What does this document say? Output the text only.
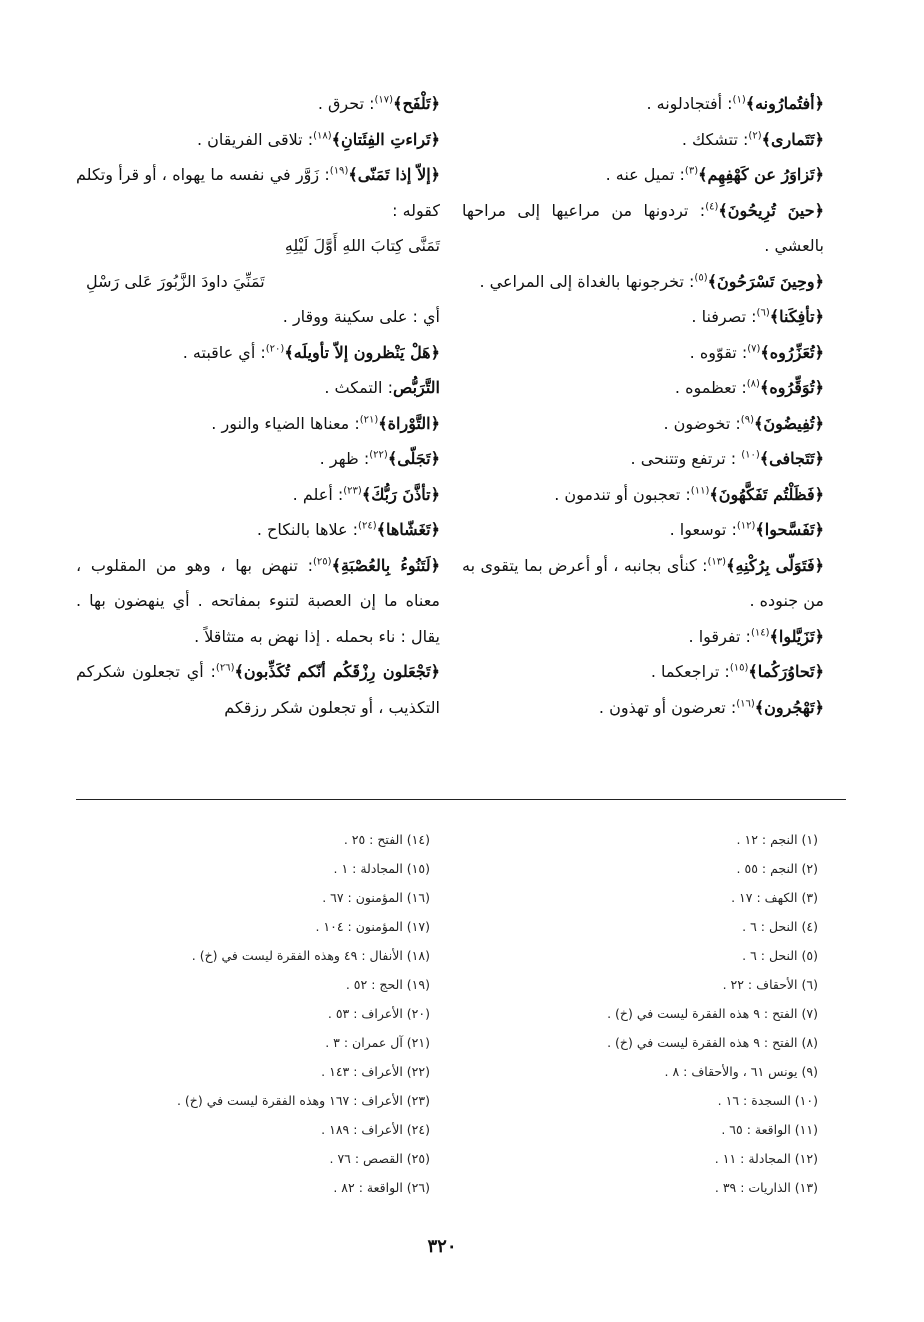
﴿أفتُمارُونه﴾$^{(١)}$: أفتجادلونه .

﴿تَتَمارى﴾$^{(٢)}$: تتشكك .

﴿تَزاوَرُ عن كَهْفِهِم﴾$^{(٣)}$: تميل عنه .

﴿حينَ تُرِيحُونَ﴾$^{(٤)}$: تردونها من مراعيها إلى مراحها بالعشي .

﴿وحِينَ تَسْرَحُونَ﴾$^{(٥)}$: تخرجونها بالغداة إلى المراعي .

﴿تأفِكَنا﴾$^{(٦)}$: تصرفنا .

﴿تُعَزِّرُوه﴾$^{(٧)}$: تقوّوه .

﴿تُوَقِّرُوه﴾$^{(٨)}$: تعظموه .

﴿تُفِيضُونَ﴾$^{(٩)}$: تخوضون .

﴿تَتَجافى﴾$^{(١٠)}$ : ترتفع وتتنحى .

﴿فَظَلْتُم تَفَكَّهُونَ﴾$^{(١١)}$: تعجبون أو تندمون .

﴿تَفَسَّحوا﴾$^{(١٢)}$: توسعوا .

﴿فَتَوَلّى بِرُكْنِهِ﴾$^{(١٣)}$: كنأى بجانبه ، أو أعرض بما يتقوى به من جنوده .

﴿تَزَيَّلوا﴾$^{(١٤)}$: تفرقوا .

﴿تَحاوُرَكُما﴾$^{(١٥)}$: تراجعكما .

﴿تَهْجُرون﴾$^{(١٦)}$: تعرضون أو تهذون .

﴿تَلْفَح﴾$^{(١٧)}$: تحرق .

﴿تَراءتِ الفِئَتانِ﴾$^{(١٨)}$: تلاقى الفريقان .

﴿إلاّ إذا تَمَنّى﴾$^{(١٩)}$: زَوَّر في نفسه ما يهواه ، أو قرأ وتكلم كقوله :

تَمَنَّى كِتابَ اللهِ أَوَّلَ لَيْلِهِ

تَمَنِّيَ داودَ الزَّبُورَ عَلى رَسْلِ

أي : على سكينة ووقار .

﴿هَلْ يَنْظرون إلاّ تأويلَه﴾$^{(٢٠)}$: أي عاقبته .

التَّرَبُّص: التمكث .

﴿التَّوْراة﴾$^{(٢١)}$: معناها الضياء والنور .

﴿تَجَلّى﴾$^{(٢٢)}$: ظهر .

﴿تأذَّنَ رَبُّكَ﴾$^{(٢٣)}$: أعلم .

﴿تَغَشّاها﴾$^{(٢٤)}$: علاها بالنكاح .

﴿لَتَنُوءُ بِالعُصْبَةِ﴾$^{(٢٥)}$: تنهض بها ، وهو من المقلوب ، معناه ما إن العصبة لتنوء بمفاتحه . أي ينهضون بها . يقال : ناء بحمله . إذا نهض به متثاقلاً .

﴿تَجْعَلون رِزْقَكُم أنّكم تُكَذِّبون﴾$^{(٢٦)}$: أي تجعلون شكركم التكذيب ، أو تجعلون شكر رزقكم

(١) النجم : ١٢ .

(٢) النجم : ٥٥ .

(٣) الكهف : ١٧ .

(٤) النحل : ٦ .

(٥) النحل : ٦ .

(٦) الأحقاف : ٢٢ .

(٧) الفتح : ٩ هذه الفقرة ليست في (خ) .

(٨) الفتح : ٩ هذه الفقرة ليست في (خ) .

(٩) يونس ٦١ ، والأحقاف : ٨ .

(١٠) السجدة : ١٦ .

(١١) الواقعة : ٦٥ .

(١٢) المجادلة : ١١ .

(١٣) الذاريات : ٣٩ .

(١٤) الفتح : ٢٥ .

(١٥) المجادلة : ١ .

(١٦) المؤمنون : ٦٧ .

(١٧) المؤمنون : ١٠٤ .

(١٨) الأنفال : ٤٩ وهذه الفقرة ليست في (خ) .

(١٩) الحج : ٥٢ .

(٢٠) الأعراف : ٥٣ .

(٢١) آل عمران : ٣ .

(٢٢) الأعراف : ١٤٣ .

(٢٣) الأعراف : ١٦٧ وهذه الفقرة ليست في (خ) .

(٢٤) الأعراف : ١٨٩ .

(٢٥) القصص : ٧٦ .

(٢٦) الواقعة : ٨٢ .

٣٢٠
